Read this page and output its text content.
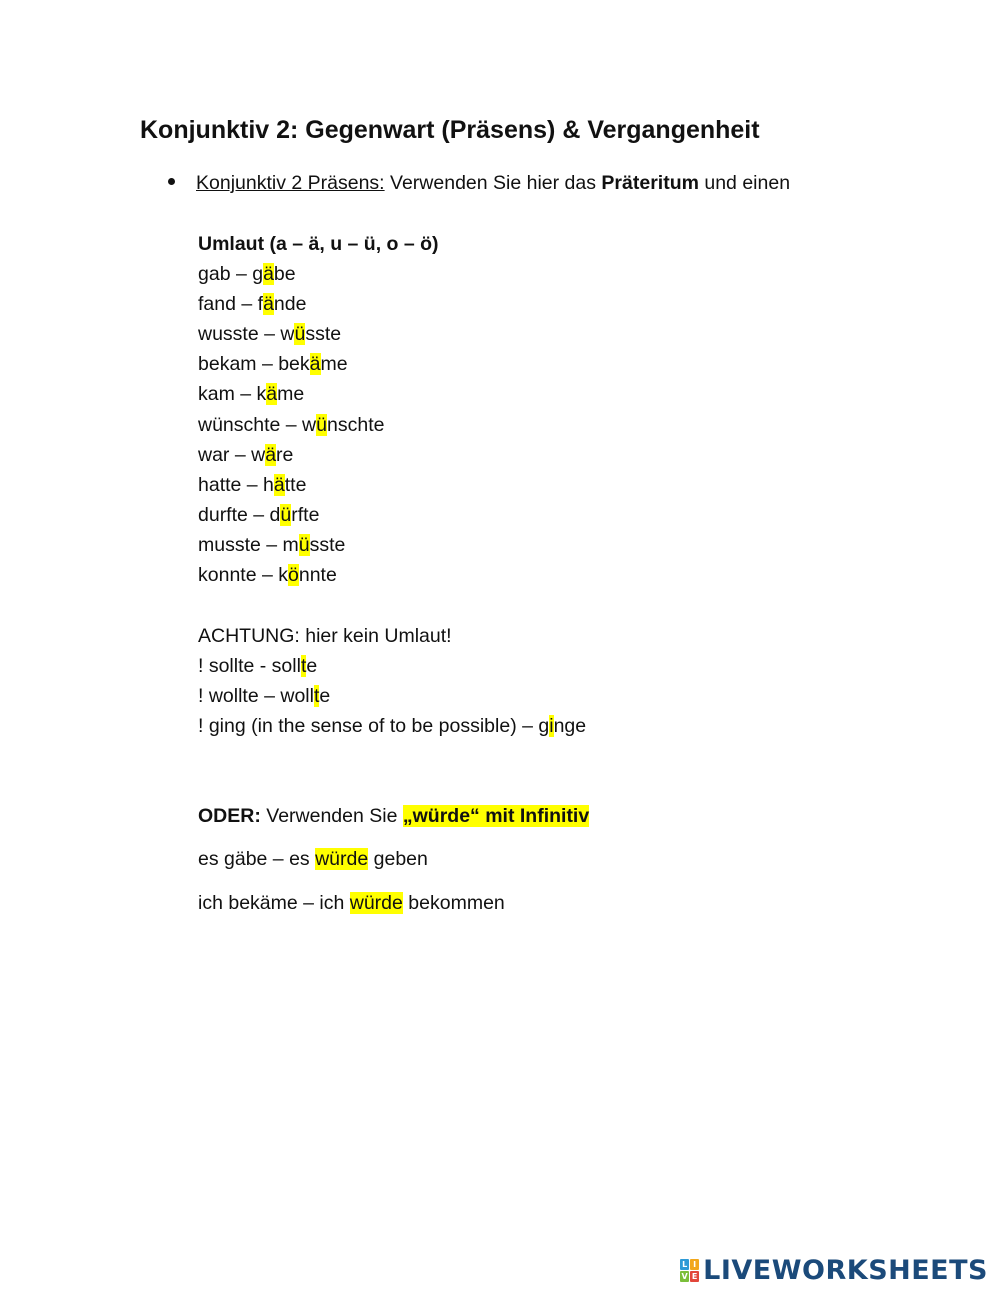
Konjunktiv 2: Gegenwart (Präsens) & Vergangenheit
Konjunktiv 2 Präsens: Verwenden Sie hier das Präteritum und einen
Umlaut (a – ä, u – ü, o – ö)
gab – gäbe
fand – fände
wusste – wüsste
bekam – bekäme
kam – käme
wünschte – wünschte
war – wäre
hatte – hätte
durfte – dürfte
musste – müsste
konnte – könnte
ACHTUNG: hier kein Umlaut!
! sollte - sollte
! wollte – wollte
! ging (in the sense of to be possible) – ginge
ODER: Verwenden Sie „würde“ mit Infinitiv
es gäbe – es würde geben
ich bekäme – ich würde bekommen
L I
V E LIVEWORKSHEETS
